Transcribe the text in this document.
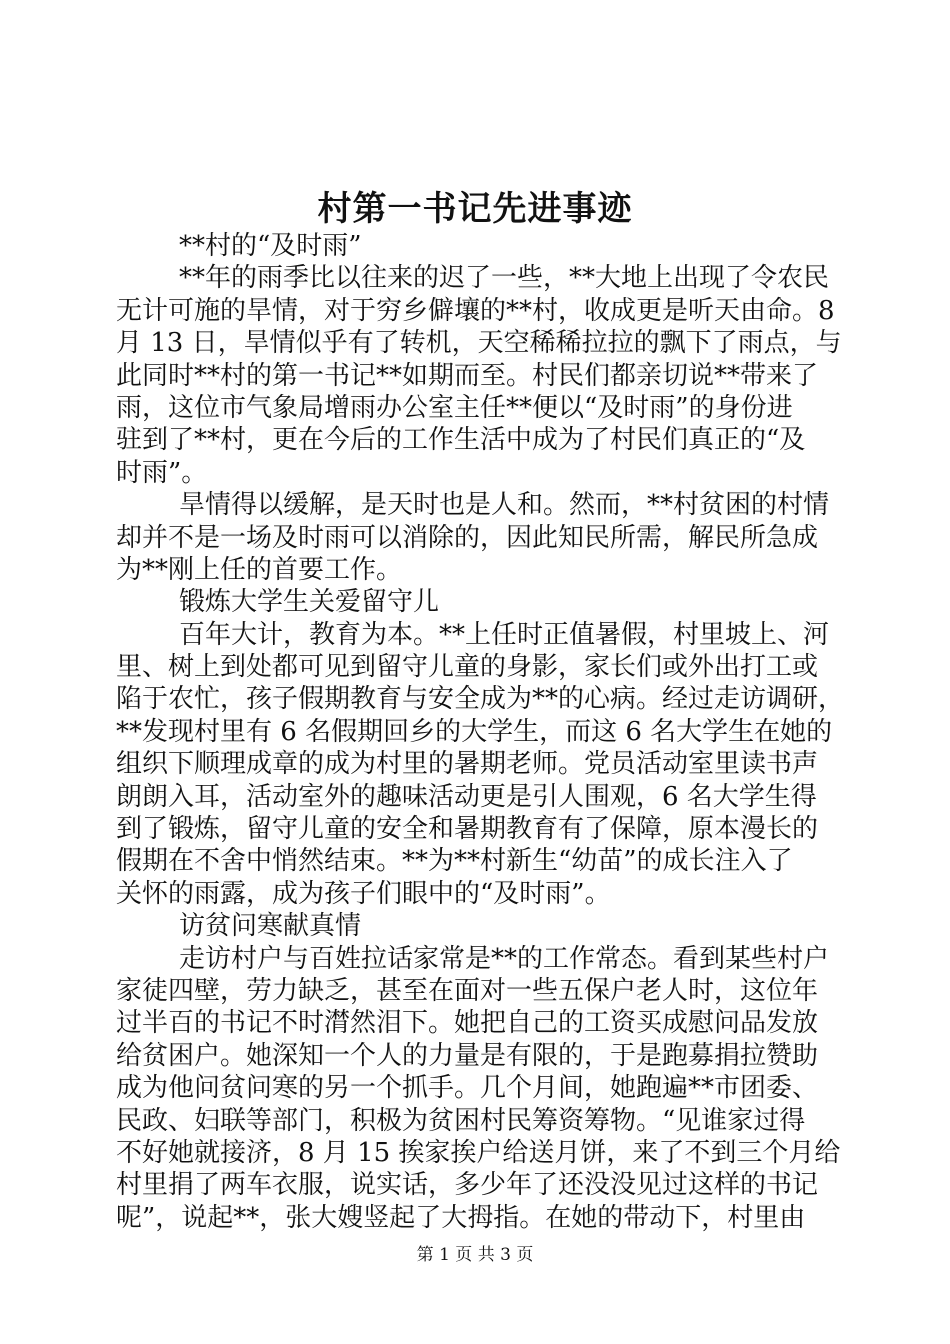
村第一书记先进事迹
**村的“及时雨”
**年的雨季比以往来的迟了一些，**大地上出现了令农民
无计可施的旱情，对于穷乡僻壤的**村，收成更是听天由命。8
月 13 日，旱情似乎有了转机，天空稀稀拉拉的飘下了雨点，与
此同时**村的第一书记**如期而至。村民们都亲切说**带来了
雨，这位市气象局增雨办公室主任**便以“及时雨”的身份进
驻到了**村，更在今后的工作生活中成为了村民们真正的“及
时雨”。
旱情得以缓解，是天时也是人和。然而，**村贫困的村情
却并不是一场及时雨可以消除的，因此知民所需，解民所急成
为**刚上任的首要工作。
锻炼大学生关爱留守儿
百年大计，教育为本。**上任时正值暑假，村里坡上、河
里、树上到处都可见到留守儿童的身影，家长们或外出打工或
陷于农忙，孩子假期教育与安全成为**的心病。经过走访调研，
**发现村里有 6 名假期回乡的大学生，而这 6 名大学生在她的
组织下顺理成章的成为村里的暑期老师。党员活动室里读书声
朗朗入耳，活动室外的趣味活动更是引人围观，6 名大学生得
到了锻炼，留守儿童的安全和暑期教育有了保障，原本漫长的
假期在不舍中悄然结束。**为**村新生“幼苗”的成长注入了
关怀的雨露，成为孩子们眼中的“及时雨”。
访贫问寒献真情
走访村户与百姓拉话家常是**的工作常态。看到某些村户
家徒四壁，劳力缺乏，甚至在面对一些五保户老人时，这位年
过半百的书记不时潸然泪下。她把自己的工资买成慰问品发放
给贫困户。她深知一个人的力量是有限的，于是跑募捐拉赞助
成为他问贫问寒的另一个抓手。几个月间，她跑遍**市团委、
民政、妇联等部门，积极为贫困村民筹资筹物。“见谁家过得
不好她就接济，8 月 15 挨家挨户给送月饼，来了不到三个月给
村里捐了两车衣服，说实话，多少年了还没没见过这样的书记
呢”，说起**，张大嫂竖起了大拇指。在她的带动下，村里由
第 1 页 共 3 页
